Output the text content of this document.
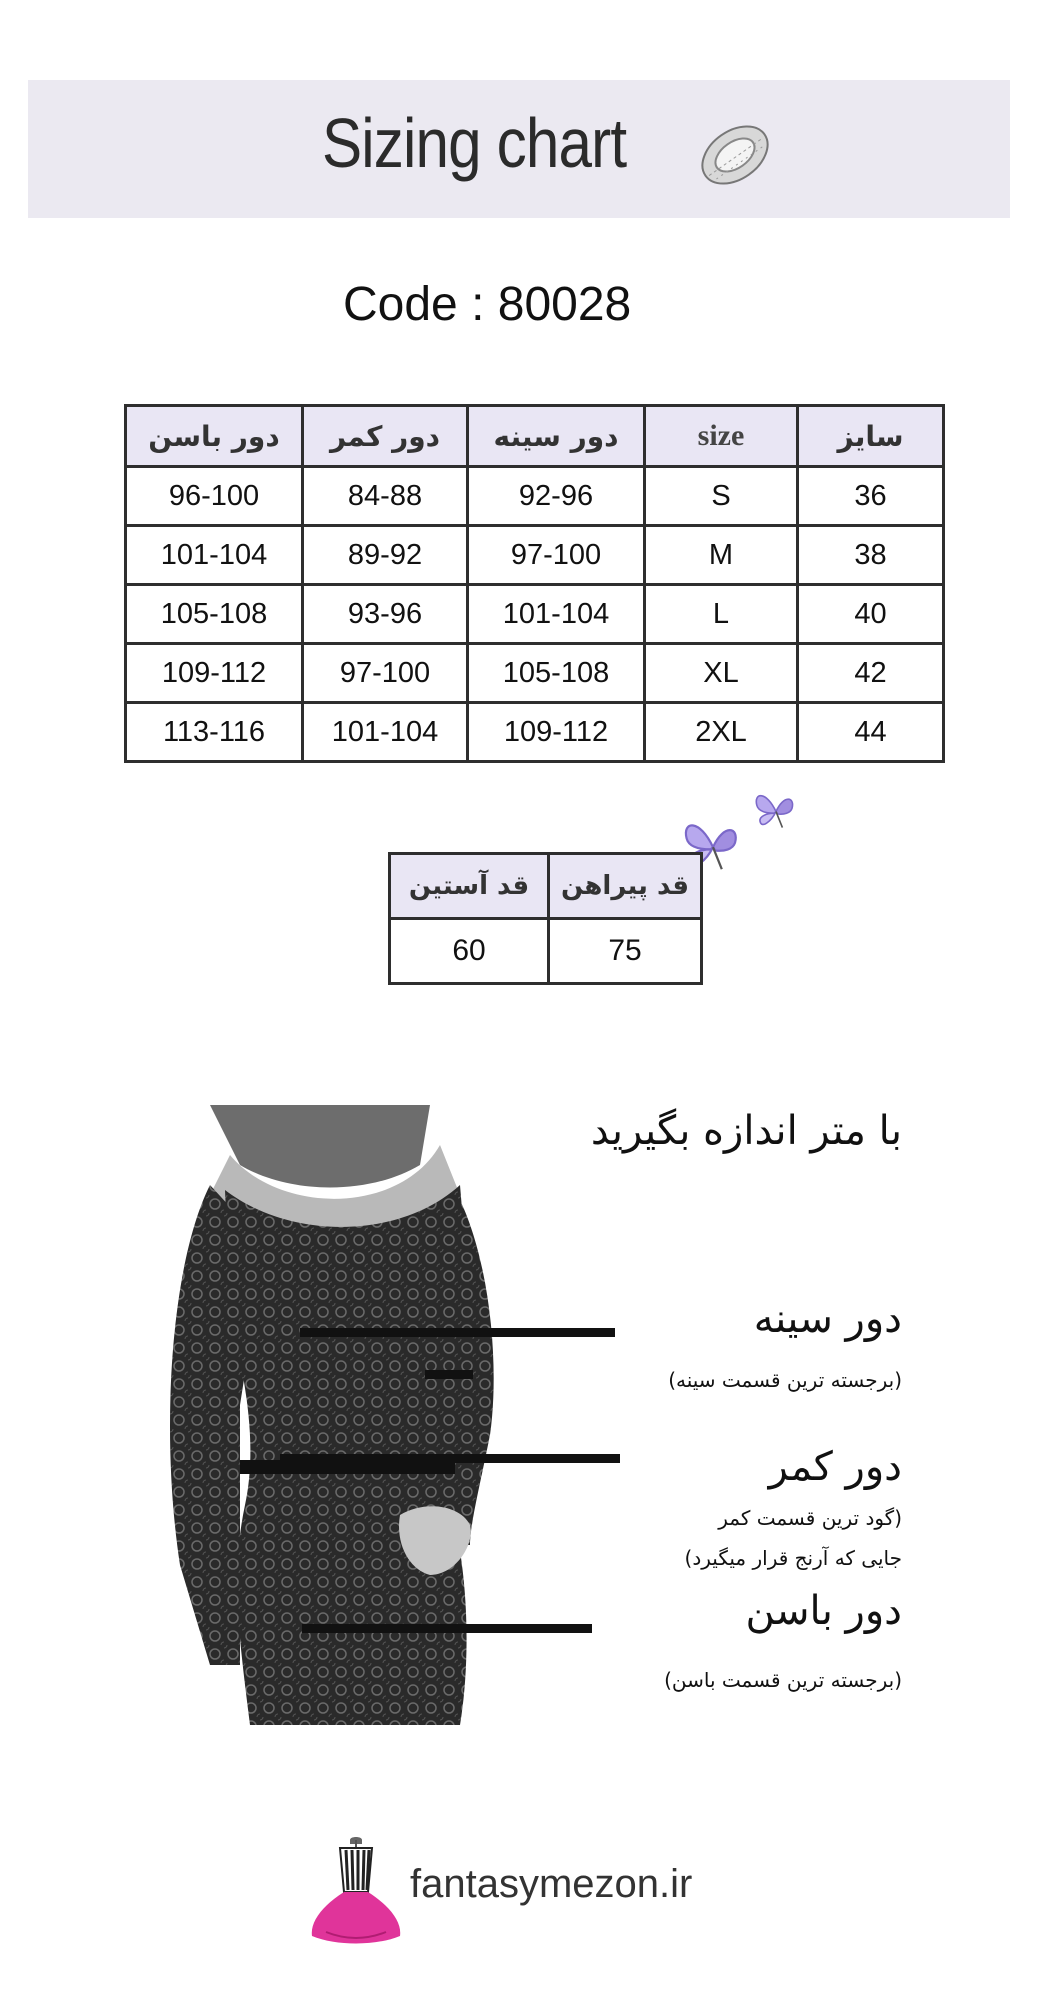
Sizing chart
Code : 80028
دور باسن	دور کمر	دور سینه	size	سایز
96-100	84-88	92-96	S	36
101-104	89-92	97-100	M	38
105-108	93-96	101-104	L	40
109-112	97-100	105-108	XL	42
113-116	101-104	109-112	2XL	44
قد آستین	قد پیراهن
60	75
با متر اندازه بگیرید
دور سینه
(برجسته ترین قسمت سینه)
دور کمر
(گود ترین قسمت کمر
جایی که آرنج قرار میگیرد)
دور باسن
(برجسته ترین قسمت باسن)
fantasymezon.ir
